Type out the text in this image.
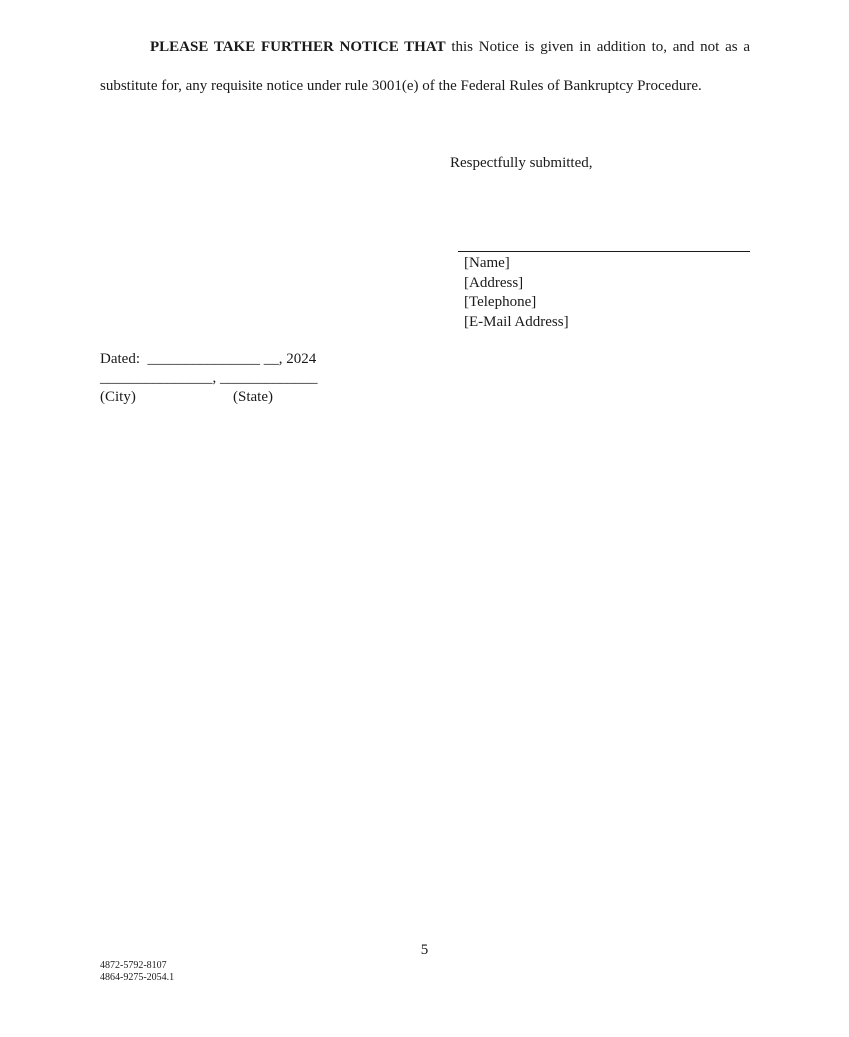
PLEASE TAKE FURTHER NOTICE THAT this Notice is given in addition to, and not as a substitute for, any requisite notice under rule 3001(e) of the Federal Rules of Bankruptcy Procedure.
Respectfully submitted,
[Name]
[Address]
[Telephone]
[E-Mail Address]
Dated:  _______________ __, 2024
_______________, _____________
(City)	(State)
5
4872-5792-8107
4864-9275-2054.1
